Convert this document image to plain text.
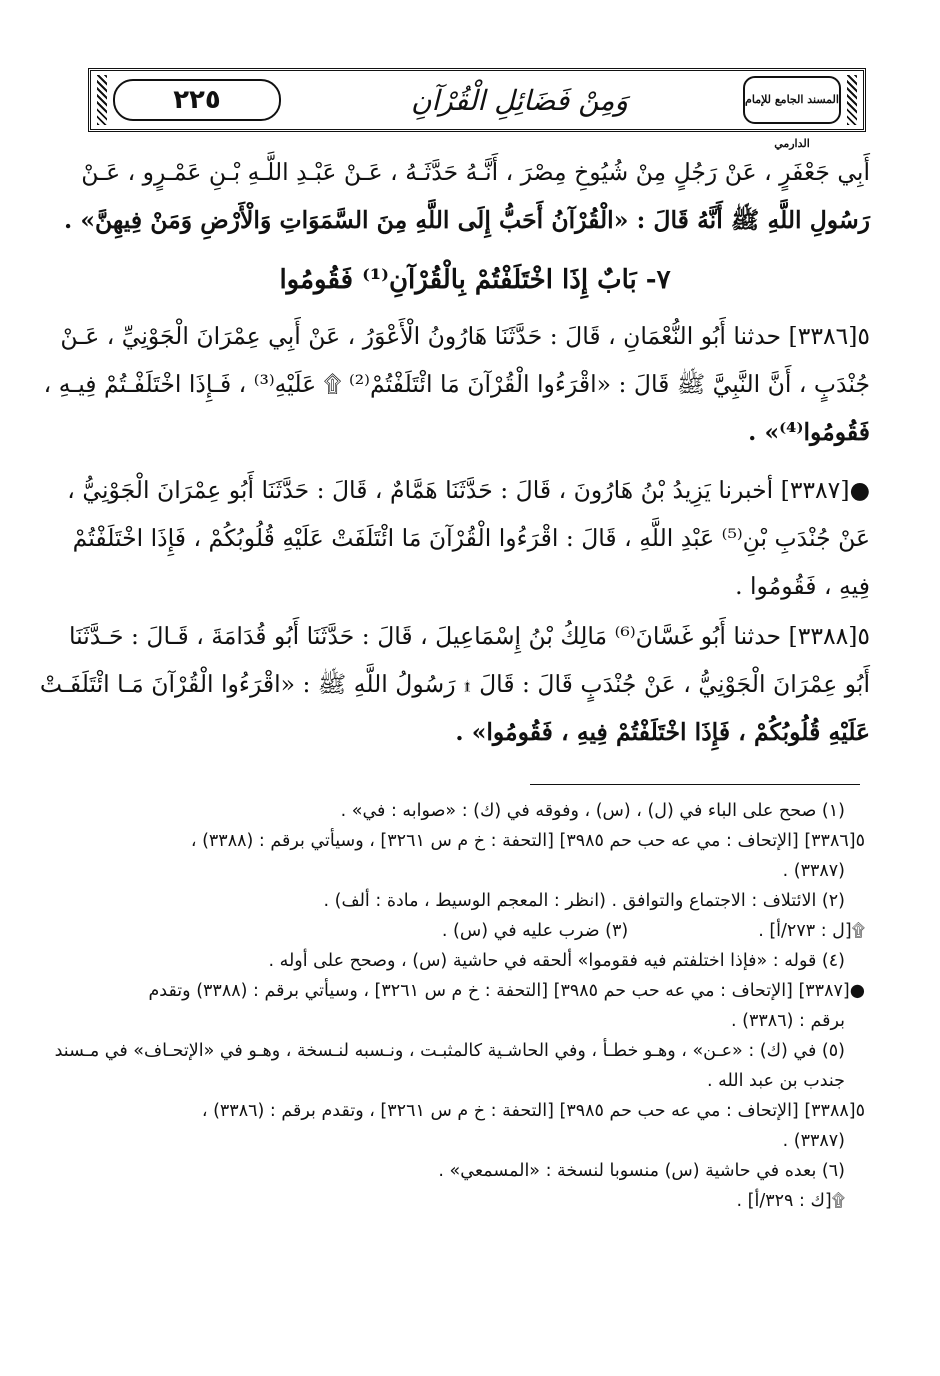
٢٢٥	وَمِنْ فَضَائِلِ الْقُرْآنِ	المسند الجامع للإمام الدارمي
أَبِي جَعْفَرٍ ، عَنْ رَجُلٍ مِنْ شُيُوخِ مِصْرَ ، أَنَّـهُ حَدَّثَـهُ ، عَـنْ عَبْـدِ اللَّـهِ بْـنِ عَمْـرٍو ، عَـنْ
رَسُولِ اللَّهِ ﷺ أَنَّهُ قَالَ : «الْقُرْآنُ أَحَبُّ إِلَى اللَّهِ مِنَ السَّمَوَاتِ وَالْأَرْضِ وَمَنْ فِيهِنَّ» .
٧- بَابٌ إِذَا اخْتَلَفْتُمْ بِالْقُرْآنِ⁽¹⁾ فَقُومُوا
٥[٣٣٨٦] حدثنا أَبُو النُّعْمَانِ ، قَالَ : حَدَّثَنَا هَارُونُ الْأَعْوَرُ ، عَنْ أَبِي عِمْرَانَ الْجَوْنِيِّ ، عَـنْ
جُنْدَبٍ ، أَنَّ النَّبِيَّ ﷺ قَالَ : «اقْرَءُوا الْقُرْآنَ مَا ائْتَلَفْتُمْ⁽²⁾ ۩ عَلَيْهِ⁽³⁾ ، فَـإِذَا اخْتَلَفْـتُمْ فِيـهِ ،
فَقُومُوا⁽⁴⁾» .
●[٣٣٨٧] أخبرنا يَزِيدُ بْنُ هَارُونَ ، قَالَ : حَدَّثَنَا هَمَّامٌ ، قَالَ : حَدَّثَنَا أَبُو عِمْرَانَ الْجَوْنِيُّ ،
عَنْ جُنْدَبِ بْنِ⁽⁵⁾ عَبْدِ اللَّهِ ، قَالَ : اقْرَءُوا الْقُرْآنَ مَا ائْتَلَفَتْ عَلَيْهِ قُلُوبُكُمْ ، فَإِذَا اخْتَلَفْتُمْ
فِيهِ ، فَقُومُوا .
٥[٣٣٨٨] حدثنا أَبُو غَسَّانَ⁽⁶⁾ مَالِكُ بْنُ إِسْمَاعِيلَ ، قَالَ : حَدَّثَنَا أَبُو قُدَامَةَ ، قَـالَ : حَـدَّثَنَا
أَبُو عِمْرَانَ الْجَوْنِيُّ ، عَنْ جُنْدَبٍ قَالَ : قَالَ ۩ رَسُولُ اللَّهِ ﷺ : «اقْرَءُوا الْقُرْآنَ مَـا ائْتَلَفَـتْ
عَلَيْهِ قُلُوبُكُمْ ، فَإِذَا اخْتَلَفْتُمْ فِيهِ ، فَقُومُوا» .
(١) صحح على الباء في (ل) ، (س) ، وفوقه في (ك) : «صوابه : في» .
٥[٣٣٨٦] [الإتحاف : مي عه حب حم ٣٩٨٥] [التحفة : خ م س ٣٢٦١] ، وسيأتي برقم : (٣٣٨٨) ،
(٣٣٨٧) .
(٢) الائتلاف : الاجتماع والتوافق . (انظر : المعجم الوسيط ، مادة : ألف) .
۩[ل : ٢٧٣/أ] .
(٣) ضرب عليه في (س) .
(٤) قوله : «فإذا اختلفتم فيه فقوموا» ألحقه في حاشية (س) ، وصحح على أوله .
●[٣٣٨٧] [الإتحاف : مي عه حب حم ٣٩٨٥] [التحفة : خ م س ٣٢٦١] ، وسيأتي برقم : (٣٣٨٨) وتقدم
برقم : (٣٣٨٦) .
(٥) في (ك) : «عـن» ، وهـو خطـأ ، وفي الحاشـية كالمثبـت ، ونـسبه لنـسخة ، وهـو في «الإتحـاف» في مـسند
جندب بن عبد الله .
٥[٣٣٨٨] [الإتحاف : مي عه حب حم ٣٩٨٥] [التحفة : خ م س ٣٢٦١] ، وتقدم برقم : (٣٣٨٦) ،
(٣٣٨٧) .
(٦) بعده في حاشية (س) منسوبا لنسخة : «المسمعي» .
۩[ك : ٣٢٩/أ] .
